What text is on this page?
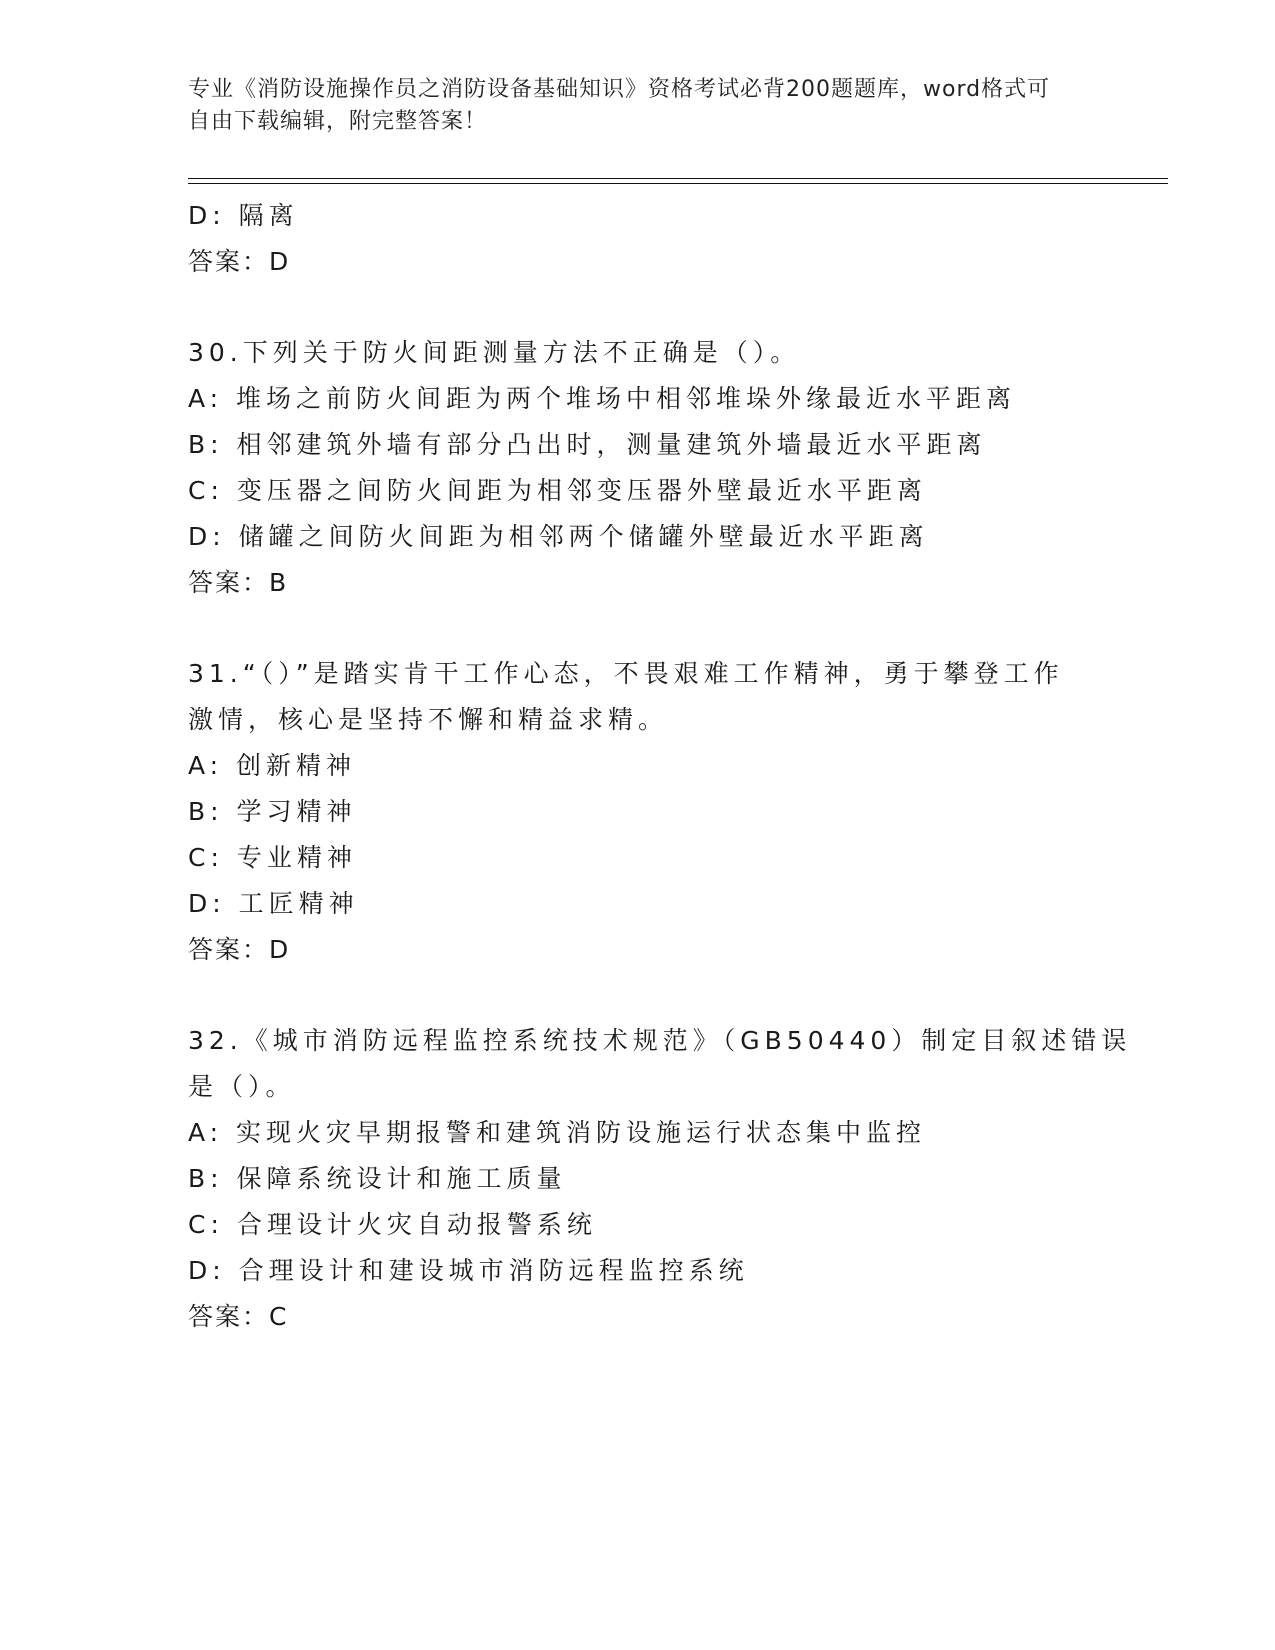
专业《消防设施操作员之消防设备基础知识》资格考试必背200题题库，word格式可自由下载编辑，附完整答案！
D: 隔离
答案：D
30.下列关于防火间距测量方法不正确是（）。
A: 堆场之前防火间距为两个堆场中相邻堆垛外缘最近水平距离
B: 相邻建筑外墙有部分凸出时，测量建筑外墙最近水平距离
C: 变压器之间防火间距为相邻变压器外壁最近水平距离
D: 储罐之间防火间距为相邻两个储罐外壁最近水平距离
答案：B
31.“（）”是踏实肯干工作心态，不畏艰难工作精神，勇于攀登工作
激情，核心是坚持不懈和精益求精。
A: 创新精神
B: 学习精神
C: 专业精神
D: 工匠精神
答案：D
32.《城市消防远程监控系统技术规范》（GB50440）制定目叙述错误
是（）。
A: 实现火灾早期报警和建筑消防设施运行状态集中监控
B: 保障系统设计和施工质量
C: 合理设计火灾自动报警系统
D: 合理设计和建设城市消防远程监控系统
答案：C
